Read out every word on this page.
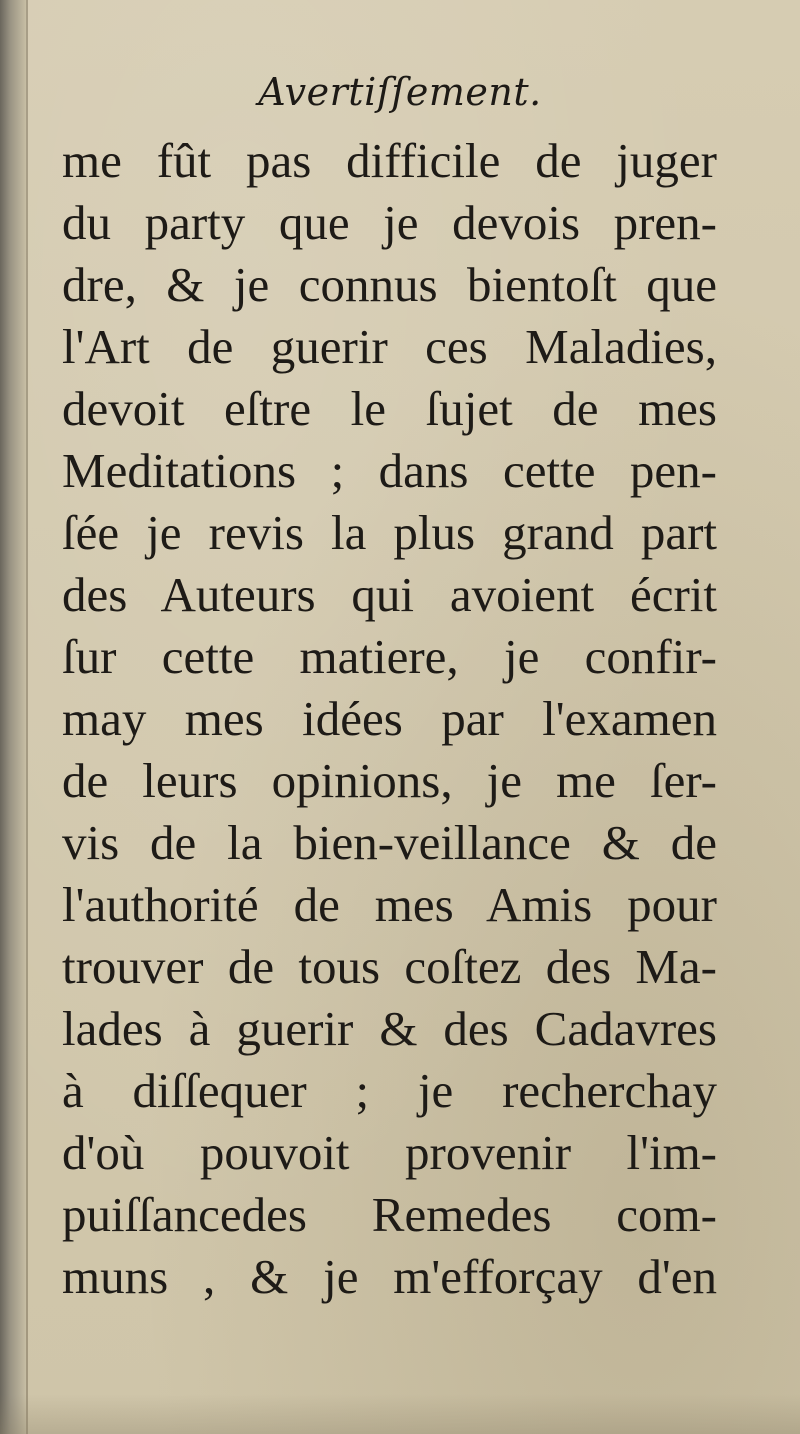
Avertiſſement.
me fût pas difficile de juger
du party que je devois pren-
dre, & je connus bientoſt que
l'Art de guerir ces Maladies,
devoit eſtre le ſujet de mes
Meditations ; dans cette pen-
ſée je revis la plus grand part
des Auteurs qui avoient écrit
ſur cette matiere, je confir-
may mes idées par l'examen
de leurs opinions, je me ſer-
vis de la bien-veillance & de
l'authorité de mes Amis pour
trouver de tous coſtez des Ma-
lades à guerir & des Cadavres
à diſſequer ; je recherchay
d'où pouvoit provenir l'im-
puiſſancedes Remedes com-
muns , & je m'efforçay d'en
